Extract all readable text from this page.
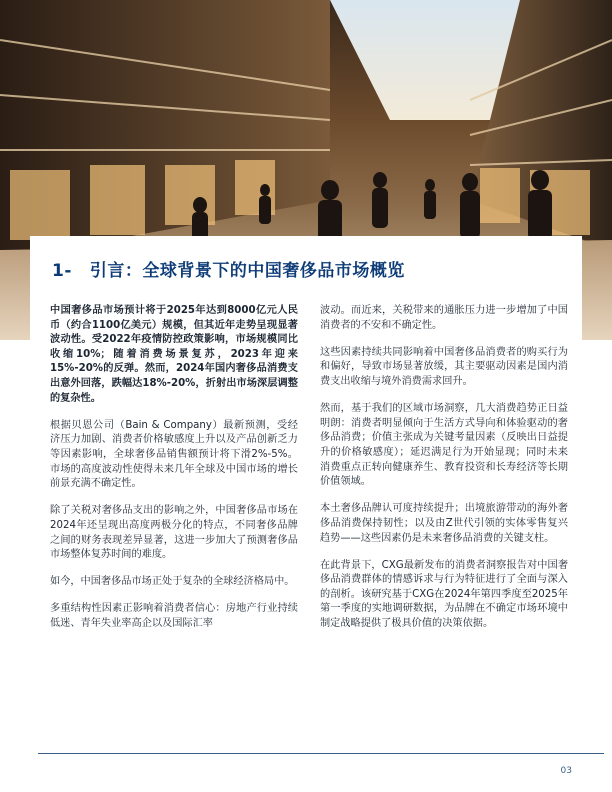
1- 引言：全球背景下的中国奢侈品市场概览

中国奢侈品市场预计将于2025年达到8000亿元人民币（约合1100亿美元）规模，但其近年走势呈现显著波动性。受2022年疫情防控政策影响，市场规模同比收缩10%；随着消费场景复苏，2023年迎来15%-20%的反弹。然而，2024年国内奢侈品消费支出意外回落，跌幅达18%-20%，折射出市场深层调整的复杂性。

根据贝恩公司（Bain & Company）最新预测，受经济压力加剧、消费者价格敏感度上升以及产品创新乏力等因素影响，全球奢侈品销售额预计将下滑2%-5%。市场的高度波动性使得未来几年全球及中国市场的增长前景充满不确定性。

除了关税对奢侈品支出的影响之外，中国奢侈品市场在2024年还呈现出高度两极分化的特点，不同奢侈品牌之间的财务表现差异显著，这进一步加大了预测奢侈品市场整体复苏时间的难度。

如今，中国奢侈品市场正处于复杂的全球经济格局中。

多重结构性因素正影响着消费者信心：房地产行业持续低迷、青年失业率高企以及国际汇率

波动。而近来，关税带来的通胀压力进一步增加了中国消费者的不安和不确定性。

这些因素持续共同影响着中国奢侈品消费者的购买行为和偏好，导致市场显著放缓，其主要驱动因素是国内消费支出收缩与境外消费需求回升。

然而，基于我们的区域市场洞察，几大消费趋势正日益明朗：消费者明显倾向于生活方式导向和体验驱动的奢侈品消费；价值主张成为关键考量因素（反映出日益提升的价格敏感度）；延迟满足行为开始显现；同时未来消费重点正转向健康养生、教育投资和长寿经济等长期价值领域。

本土奢侈品牌认可度持续提升；出境旅游带动的海外奢侈品消费保持韧性；以及由Z世代引领的实体零售复兴趋势——这些因素仍是未来奢侈品消费的关键支柱。

在此背景下，CXG最新发布的消费者洞察报告对中国奢侈品消费群体的情感诉求与行为特征进行了全面与深入的剖析。该研究基于CXG在2024年第四季度至2025年第一季度的实地调研数据，为品牌在不确定市场环境中制定战略提供了极具价值的决策依据。

03
